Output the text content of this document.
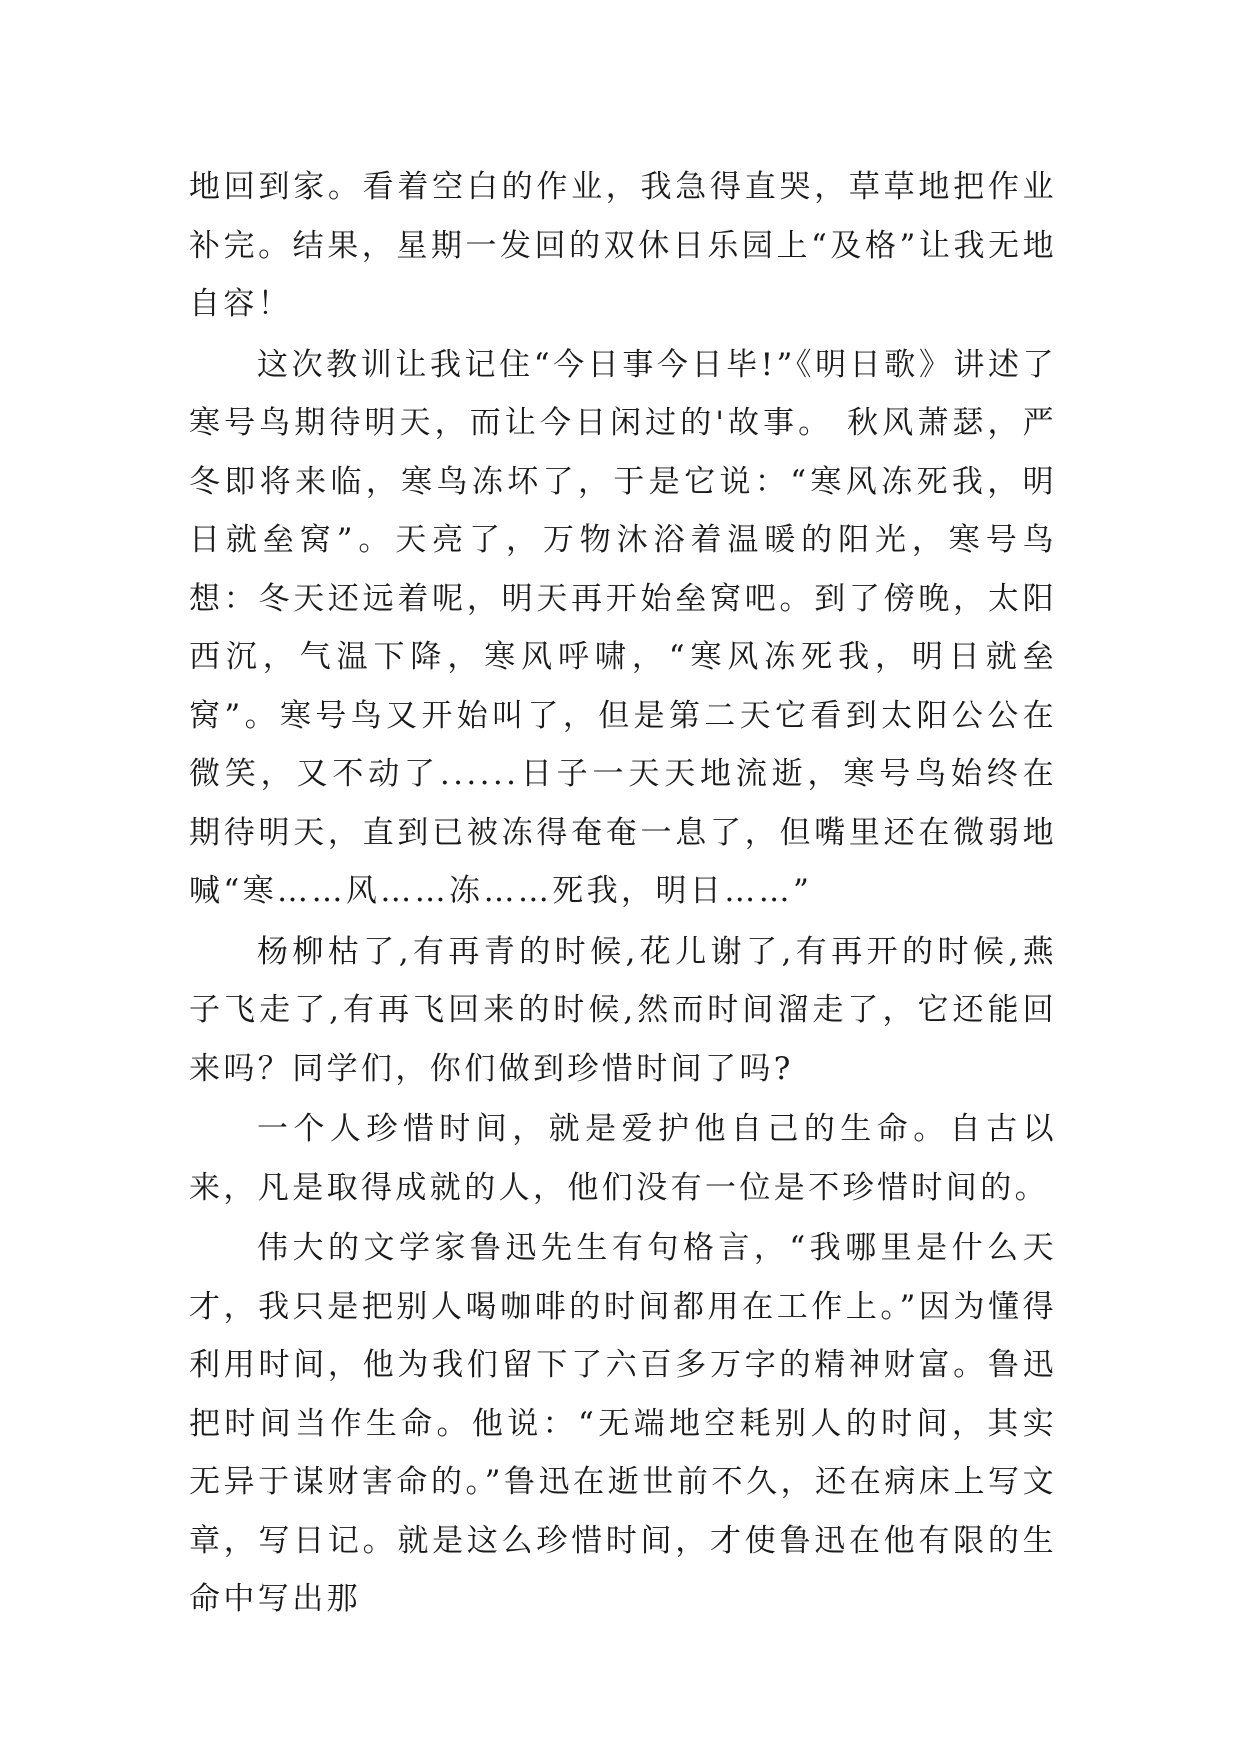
地回到家。看着空白的作业，我急得直哭，草草地把作业补完。结果，星期一发回的双休日乐园上“及格”让我无地自容！

这次教训让我记住“今日事今日毕!”《明日歌》讲述了寒号鸟期待明天，而让今日闲过的'故事。 秋风萧瑟，严冬即将来临，寒鸟冻坏了，于是它说：“寒风冻死我，明日就垒窝”。天亮了，万物沐浴着温暖的阳光，寒号鸟想：冬天还远着呢，明天再开始垒窝吧。到了傍晚，太阳西沉，气温下降，寒风呼啸，“寒风冻死我，明日就垒窝”。寒号鸟又开始叫了，但是第二天它看到太阳公公在微笑，又不动了......日子一天天地流逝，寒号鸟始终在期待明天，直到已被冻得奄奄一息了，但嘴里还在微弱地喊“寒……风……冻……死我，明日……”

杨柳枯了,有再青的时候,花儿谢了,有再开的时候,燕子飞走了,有再飞回来的时候,然而时间溜走了，它还能回来吗？同学们，你们做到珍惜时间了吗?

一个人珍惜时间，就是爱护他自己的生命。自古以来，凡是取得成就的人，他们没有一位是不珍惜时间的。

伟大的文学家鲁迅先生有句格言，“我哪里是什么天才，我只是把别人喝咖啡的时间都用在工作上。”因为懂得利用时间，他为我们留下了六百多万字的精神财富。鲁迅把时间当作生命。他说：“无端地空耗别人的时间，其实无异于谋财害命的。”鲁迅在逝世前不久，还在病床上写文章，写日记。就是这么珍惜时间，才使鲁迅在他有限的生命中写出那
